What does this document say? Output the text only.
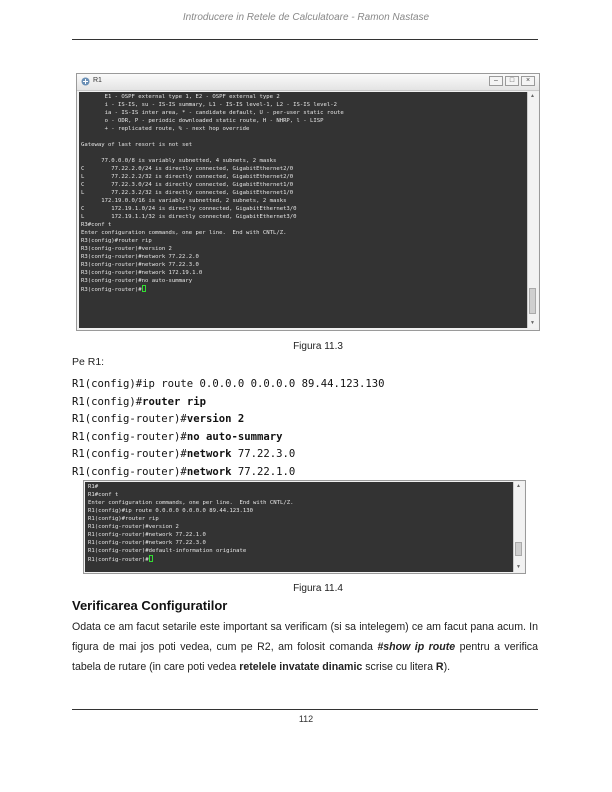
Introducere in Retele de Calculatoare - Ramon Nastase
R1	–	□	×
E1 - OSPF external type 1, E2 - OSPF external type 2
i - IS-IS, su - IS-IS summary, L1 - IS-IS level-1, L2 - IS-IS level-2
ia - IS-IS inter area, * - candidate default, U - per-user static route
o - ODR, P - periodic downloaded static route, H - NHRP, l - LISP
+ - replicated route, % - next hop override

Gateway of last resort is not set

77.0.0.0/8 is variably subnetted, 4 subnets, 2 masks
C        77.22.2.0/24 is directly connected, GigabitEthernet2/0
L        77.22.2.2/32 is directly connected, GigabitEthernet2/0
C        77.22.3.0/24 is directly connected, GigabitEthernet1/0
L        77.22.3.2/32 is directly connected, GigabitEthernet1/0
172.19.0.0/16 is variably subnetted, 2 subnets, 2 masks
C        172.19.1.0/24 is directly connected, GigabitEthernet3/0
L        172.19.1.1/32 is directly connected, GigabitEthernet3/0
R3#conf t
Enter configuration commands, one per line.  End with CNTL/Z.
R3(config)#router rip
R3(config-router)#version 2
R3(config-router)#network 77.22.2.0
R3(config-router)#network 77.22.3.0
R3(config-router)#network 172.19.1.0
R3(config-router)#no auto-summary
R3(config-router)#
▲
▼
Figura 11.3
Pe R1:
R1(config)#ip route 0.0.0.0 0.0.0.0 89.44.123.130
R1(config)#router rip
R1(config-router)#version 2
R1(config-router)#no auto-summary
R1(config-router)#network 77.22.3.0
R1(config-router)#network 77.22.1.0
R1#
R1#conf t
Enter configuration commands, one per line.  End with CNTL/Z.
R1(config)#ip route 0.0.0.0 0.0.0.0 89.44.123.130
R1(config)#router rip
R1(config-router)#version 2
R1(config-router)#network 77.22.1.0
R1(config-router)#network 77.22.3.0
R1(config-router)#default-information originate
R1(config-router)#
▲
▼
Figura 11.4
Verificarea Configuratilor
Odata ce am facut setarile este important sa verificam (si sa intelegem) ce am facut pana acum. In figura de mai jos poti vedea, cum pe R2, am folosit comanda #show ip route pentru a verifica tabela de rutare (in care poti vedea retelele invatate dinamic scrise cu litera R).
112
